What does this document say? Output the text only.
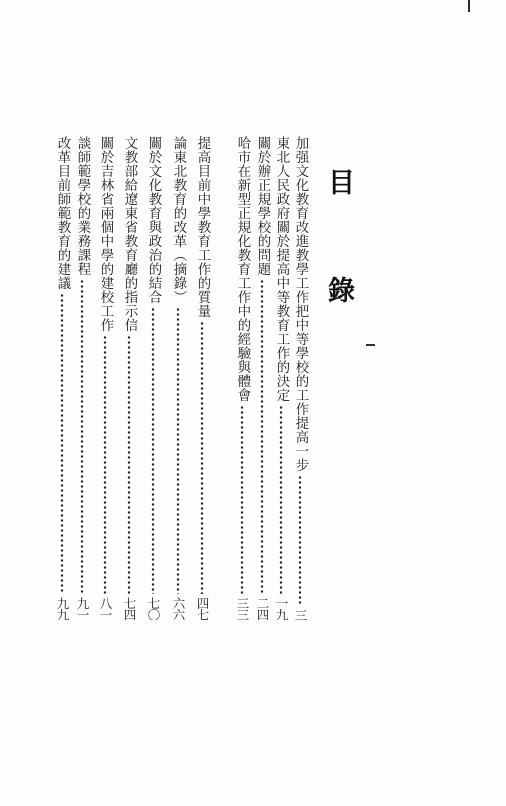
目 錄
加强文化教育改進教學工作把中等學校的工作提高一步
三
東北人民政府關於提高中等教育工作的決定
一九
關於辦正規學校的問題
二四
哈市在新型正規化教育工作中的經驗與體會
三三
提高目前中學教育工作的質量
四七
論東北教育的改革（摘錄）
六六
關於文化教育與政治的結合
七〇
文教部給遼東省教育廳的指示信
七四
關於吉林省兩個中學的建校工作
八一
談師範學校的業務課程
九一
改革目前師範教育的建議
九九
